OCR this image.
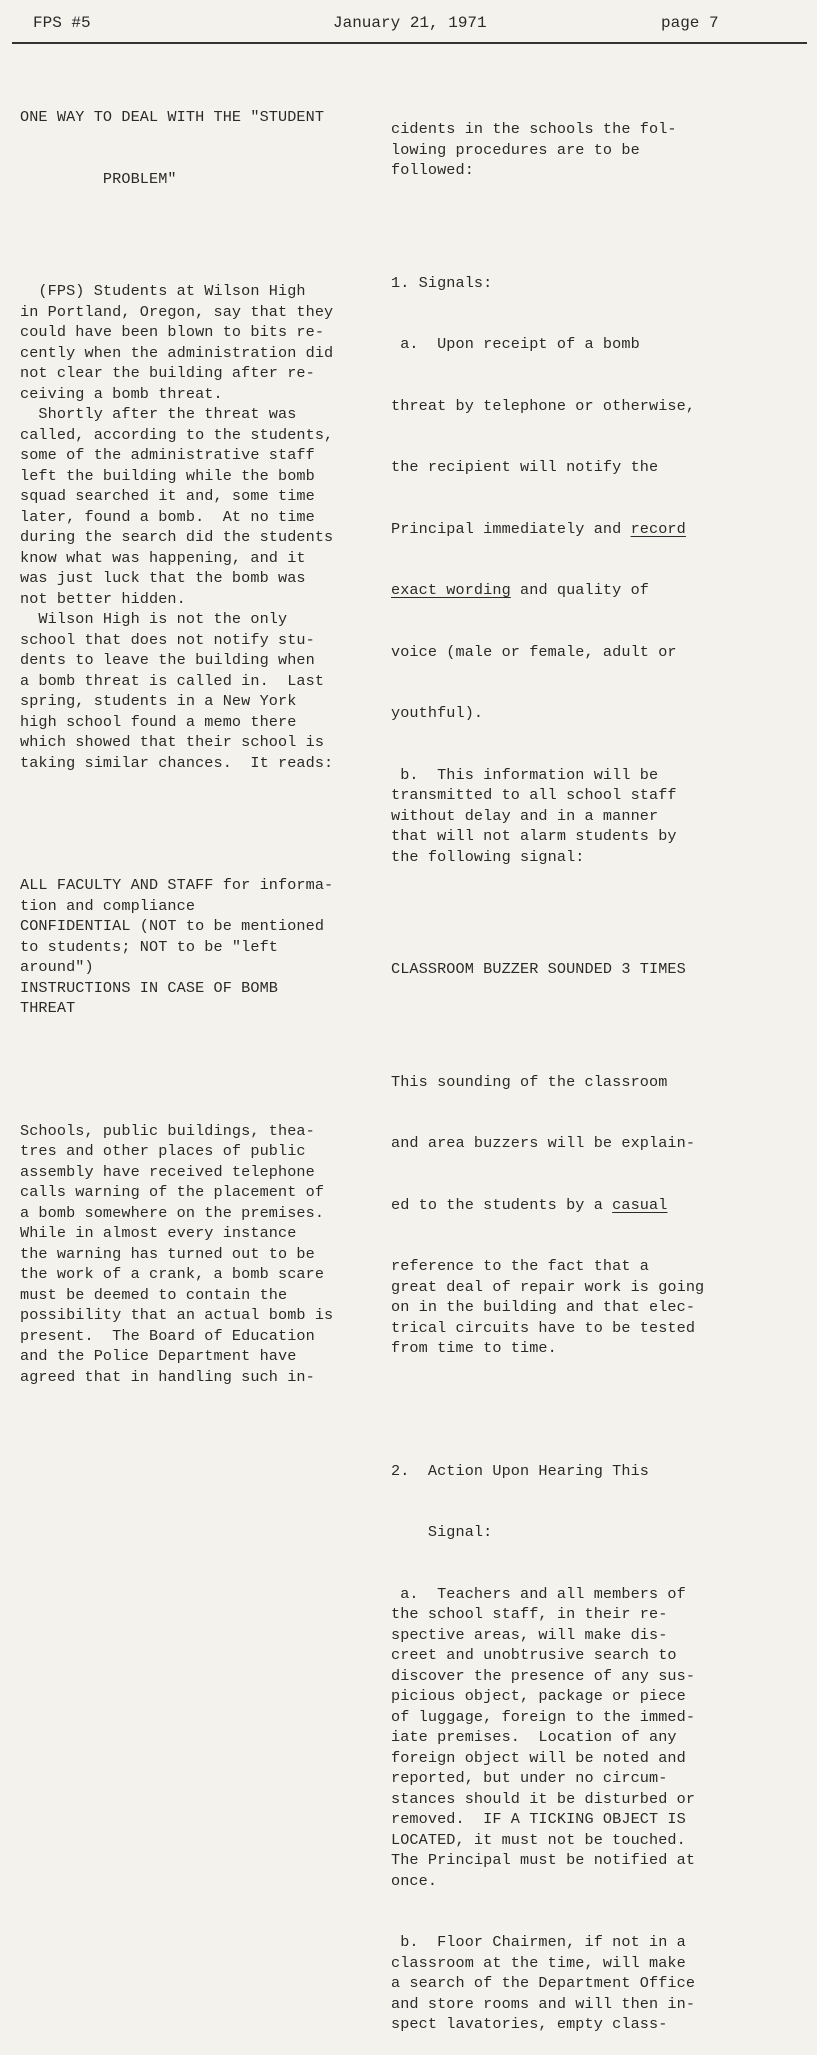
FPS #5	January 21, 1971	page 7

ONE WAY TO DEAL WITH THE "STUDENT

PROBLEM"

(FPS) Students at Wilson High
in Portland, Oregon, say that they
could have been blown to bits re-
cently when the administration did
not clear the building after re-
ceiving a bomb threat.
Shortly after the threat was
called, according to the students,
some of the administrative staff
left the building while the bomb
squad searched it and, some time
later, found a bomb.  At no time
during the search did the students
know what was happening, and it
was just luck that the bomb was
not better hidden.
Wilson High is not the only
school that does not notify stu-
dents to leave the building when
a bomb threat is called in.  Last
spring, students in a New York
high school found a memo there
which showed that their school is
taking similar chances.  It reads:

ALL FACULTY AND STAFF for informa-
tion and compliance
CONFIDENTIAL (NOT to be mentioned
to students; NOT to be "left
around")
INSTRUCTIONS IN CASE OF BOMB
THREAT

Schools, public buildings, thea-
tres and other places of public
assembly have received telephone
calls warning of the placement of
a bomb somewhere on the premises.
While in almost every instance
the warning has turned out to be
the work of a crank, a bomb scare
must be deemed to contain the
possibility that an actual bomb is
present.  The Board of Education
and the Police Department have
agreed that in handling such in-

cidents in the schools the fol-
lowing procedures are to be
followed:

1. Signals:

a.  Upon receipt of a bomb

threat by telephone or otherwise,

the recipient will notify the

Principal immediately and record

exact wording and quality of

voice (male or female, adult or

youthful).

b.  This information will be
transmitted to all school staff
without delay and in a manner
that will not alarm students by
the following signal:

CLASSROOM BUZZER SOUNDED 3 TIMES

This sounding of the classroom

and area buzzers will be explain-

ed to the students by a casual

reference to the fact that a
great deal of repair work is going
on in the building and that elec-
trical circuits have to be tested
from time to time.

2.  Action Upon Hearing This

Signal:

a.  Teachers and all members of
the school staff, in their re-
spective areas, will make dis-
creet and unobtrusive search to
discover the presence of any sus-
picious object, package or piece
of luggage, foreign to the immed-
iate premises.  Location of any
foreign object will be noted and
reported, but under no circum-
stances should it be disturbed or
removed.  IF A TICKING OBJECT IS
LOCATED, it must not be touched.
The Principal must be notified at
once.

b.  Floor Chairmen, if not in a
classroom at the time, will make
a search of the Department Office
and store rooms and will then in-
spect lavatories, empty class-
